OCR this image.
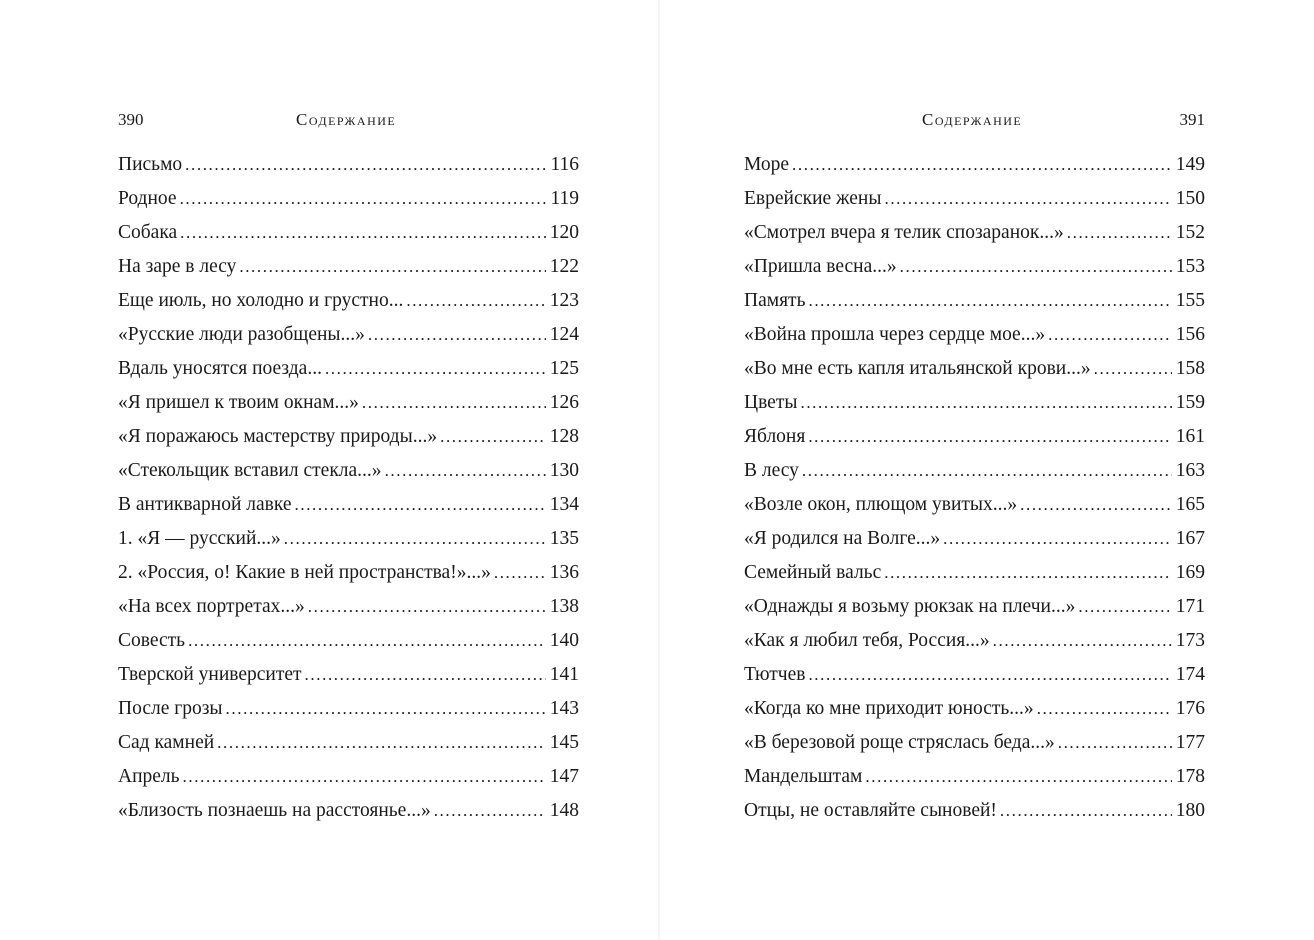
390	Содержание
Письмо .....	116
Родное .....	119
Собака .....	120
На заре в лесу .....	122
Еще июль, но холодно и грустно... .....	123
«Русские люди разобщены...» .....	124
Вдаль уносятся поезда... .....	125
«Я пришел к твоим окнам...» .....	126
«Я поражаюсь мастерству природы...» .....	128
«Стекольщик вставил стекла...» .....	130
В антикварной лавке .....	134
1. «Я — русский...» .....	135
2. «Россия, о! Какие в ней пространства!»...» .....	136
«На всех портретах...» .....	138
Совесть .....	140
Тверской университет .....	141
После грозы .....	143
Сад камней .....	145
Апрель .....	147
«Близость познаешь на расстоянье...» .....	148
Содержание	391
Море .....	149
Еврейские жены .....	150
«Смотрел вчера я телик спозаранок...» .....	152
«Пришла весна...» .....	153
Память .....	155
«Война прошла через сердце мое...» .....	156
«Во мне есть капля итальянской крови...» .....	158
Цветы .....	159
Яблоня .....	161
В лесу .....	163
«Возле окон, плющом увитых...» .....	165
«Я родился на Волге...» .....	167
Семейный вальс .....	169
«Однажды я возьму рюкзак на плечи...» .....	171
«Как я любил тебя, Россия...» .....	173
Тютчев .....	174
«Когда ко мне приходит юность...» .....	176
«В березовой роще стряслась беда...» .....	177
Мандельштам .....	178
Отцы, не оставляйте сыновей! .....	180
